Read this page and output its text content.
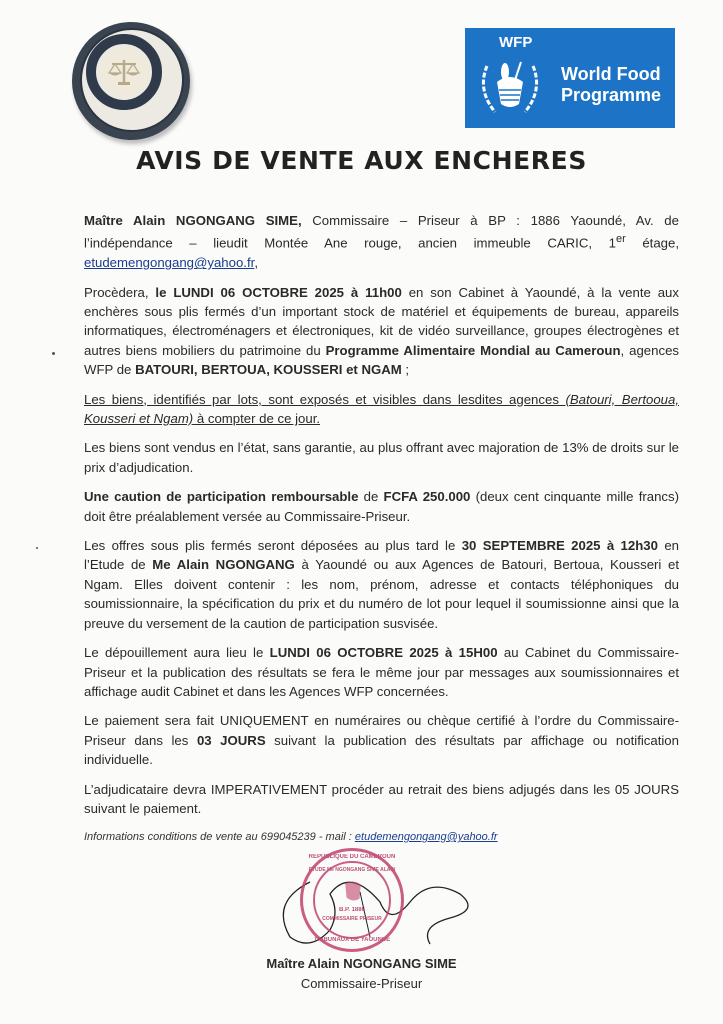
WFP
World Food
Programme
AVIS DE VENTE AUX ENCHERES

Maître Alain NGONGANG SIME, Commissaire – Priseur à BP : 1886 Yaoundé, Av. de l’indépendance – lieudit Montée Ane rouge, ancien immeuble CARIC, 1er étage, etudemengongang@yahoo.fr,

Procèdera, le LUNDI 06 OCTOBRE 2025 à 11h00 en son Cabinet à Yaoundé, à la vente aux enchères sous plis fermés d’un important stock de matériel et équipements de bureau, appareils informatiques, électroménagers et électroniques, kit de vidéo surveillance, groupes électrogènes et autres biens mobiliers du patrimoine du Programme Alimentaire Mondial au Cameroun, agences WFP de BATOURI, BERTOUA, KOUSSERI et NGAM ;

Les biens, identifiés par lots, sont exposés et visibles dans lesdites agences (Batouri, Bertooua, Kousseri et Ngam) à compter de ce jour.

Les biens sont vendus en l’état, sans garantie, au plus offrant avec majoration de 13% de droits sur le prix d’adjudication.

Une caution de participation remboursable de FCFA 250.000 (deux cent cinquante mille francs) doit être préalablement versée au Commissaire-Priseur.

Les offres sous plis fermés seront déposées au plus tard le 30 SEPTEMBRE 2025 à 12h30 en l’Etude de Me Alain NGONGANG à Yaoundé ou aux Agences de Batouri, Bertoua, Kousseri et Ngam. Elles doivent contenir : les nom, prénom, adresse et contacts téléphoniques du soumissionnaire, la spécification du prix et du numéro de lot pour lequel il soumissionne ainsi que la preuve du versement de la caution de participation susvisée.

Le dépouillement aura lieu le LUNDI 06 OCTOBRE 2025 à 15H00 au Cabinet du Commissaire-Priseur et la publication des résultats se fera le même jour par messages aux soumissionnaires et affichage audit Cabinet et dans les Agences WFP concernées.

Le paiement sera fait UNIQUEMENT en numéraires ou chèque certifié à l’ordre du Commissaire-Priseur dans les 03 JOURS suivant la publication des résultats par affichage ou notification individuelle.

L’adjudicataire devra IMPERATIVEMENT procéder au retrait des biens adjugés dans les 05 JOURS suivant le paiement.

Informations conditions de vente au 699045239 - mail : etudemengongang@yahoo.fr
REPUBLIQUE DU CAMEROUN
ETUDE Me NGONGANG SIME ALAIN
B.P. 1886
COMMISSAIRE PRISEUR
TRIBUNAUX DE YAOUNDE
Maître Alain NGONGANG SIME
Commissaire-Priseur
